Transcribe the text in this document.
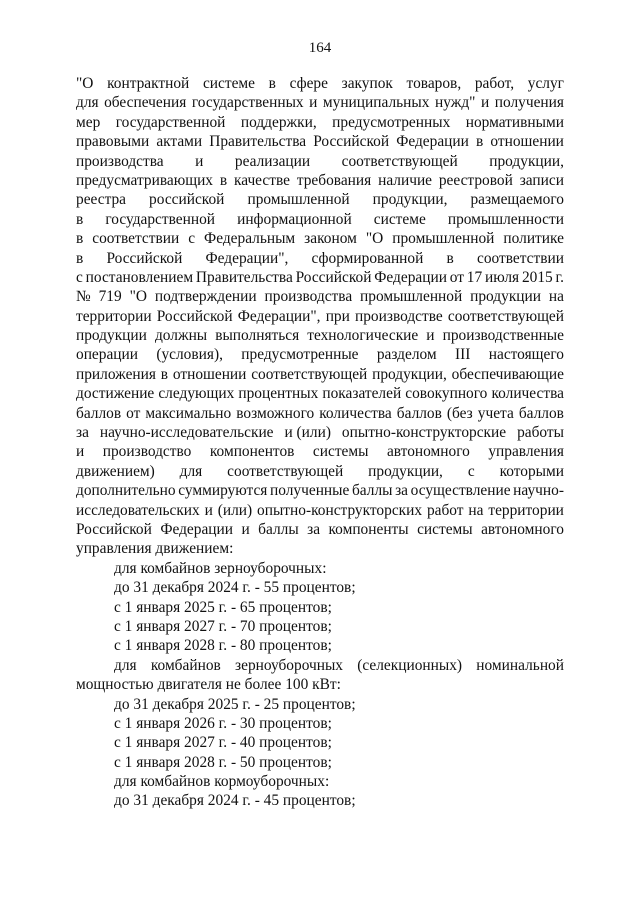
164
"О контрактной системе в сфере закупок товаров, работ, услуг
для обеспечения государственных и муниципальных нужд" и получения
мер государственной поддержки, предусмотренных нормативными
правовыми актами Правительства Российской Федерации в отношении
производства и реализации соответствующей продукции,
предусматривающих в качестве требования наличие реестровой записи
реестра российской промышленной продукции, размещаемого
в государственной информационной системе промышленности
в соответствии с Федеральным законом "О промышленной политике
в Российской Федерации", сформированной в соответствии
с постановлением Правительства Российской Федерации от 17 июля 2015 г.
№ 719 "О подтверждении производства промышленной продукции на
территории Российской Федерации", при производстве соответствующей
продукции должны выполняться технологические и производственные
операции (условия), предусмотренные разделом III настоящего
приложения в отношении соответствующей продукции, обеспечивающие
достижение следующих процентных показателей совокупного количества
баллов от максимально возможного количества баллов (без учета баллов
за научно-исследовательские и (или) опытно-конструкторские работы
и производство компонентов системы автономного управления
движением) для соответствующей продукции, с которыми
дополнительно суммируются полученные баллы за осуществление научно-
исследовательских и (или) опытно-конструкторских работ на территории
Российской Федерации и баллы за компоненты системы автономного
управления движением:
для комбайнов зерноуборочных:
до 31 декабря 2024 г. - 55 процентов;
с 1 января 2025 г. - 65 процентов;
с 1 января 2027 г. - 70 процентов;
с 1 января 2028 г. - 80 процентов;
для комбайнов зерноуборочных (селекционных) номинальной
мощностью двигателя не более 100 кВт:
до 31 декабря 2025 г. - 25 процентов;
с 1 января 2026 г. - 30 процентов;
с 1 января 2027 г. - 40 процентов;
с 1 января 2028 г. - 50 процентов;
для комбайнов кормоуборочных:
до 31 декабря 2024 г. - 45 процентов;
